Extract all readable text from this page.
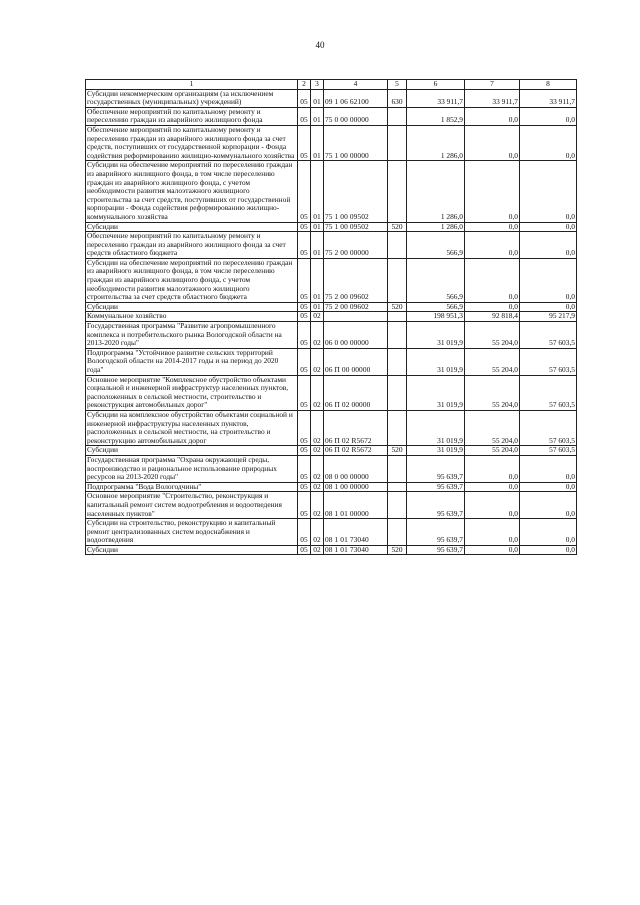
40
1	2	3	4	5	6	7	8
Субсидии некоммерческим организациям (за исключением государственных (муниципальных) учреждений)	05	01	09 1 06 62100	630	33 911,7	33 911,7	33 911,7
Обеспечение мероприятий по капитальному ремонту и переселению граждан из аварийного жилищного фонда	05	01	75 0 00 00000		1 852,9	0,0	0,0
Обеспечение мероприятий по капитальному ремонту и переселению граждан из аварийного жилищного фонда за счет средств, поступивших от государственной корпорации - Фонда содействия реформированию жилищно-коммунального хозяйства	05	01	75 1 00 00000		1 286,0	0,0	0,0
Субсидии на обеспечение мероприятий по переселению граждан из аварийного жилищного фонда, в том числе переселению граждан из аварийного жилищного фонда, с учетом необходимости развития малоэтажного жилищного строительства за счет средств, поступивших от государственной корпорации - Фонда содействия реформированию жилищно-коммунального хозяйства	05	01	75 1 00 09502		1 286,0	0,0	0,0
Субсидии	05	01	75 1 00 09502	520	1 286,0	0,0	0,0
Обеспечение мероприятий по капитальному ремонту и переселению граждан из аварийного жилищного фонда за счет средств областного бюджета	05	01	75 2 00 00000		566,9	0,0	0,0
Субсидии на обеспечение мероприятий по переселению граждан из аварийного жилищного фонда, в том числе переселению граждан из аварийного жилищного фонда, с учетом необходимости развития малоэтажного жилищного строительства за счет средств областного бюджета	05	01	75 2 00 09602		566,9	0,0	0,0
Субсидии	05	01	75 2 00 09602	520	566,9	0,0	0,0
Коммунальное хозяйство	05	02			198 951,3	92 818,4	95 217,9
Государственная программа "Развитие агропромышленного комплекса и потребительского рынка Вологодской области на 2013-2020 годы"	05	02	06 0 00 00000		31 019,9	55 204,0	57 603,5
Подпрограмма "Устойчивое развитие сельских территорий Вологодской области на 2014-2017 годы и на период до 2020 года"	05	02	06 П 00 00000		31 019,9	55 204,0	57 603,5
Основное мероприятие "Комплексное обустройство объектами социальной и инженерной инфраструктур населенных пунктов, расположенных в сельской местности, строительство и реконструкция автомобильных дорог"	05	02	06 П 02 00000		31 019,9	55 204,0	57 603,5
Субсидии на комплексное обустройство объектами социальной и инженерной инфраструктуры населенных пунктов, расположенных в сельской местности, на строительство и реконструкцию автомобильных дорог	05	02	06 П 02 R5672		31 019,9	55 204,0	57 603,5
Субсидии	05	02	06 П 02 R5672	520	31 019,9	55 204,0	57 603,5
Государственная программа "Охрана окружающей среды, воспроизводство и рациональное использование природных ресурсов на 2013-2020 годы"	05	02	08 0 00 00000		95 639,7	0,0	0,0
Подпрограмма "Вода Вологодчины"	05	02	08 1 00 00000		95 639,7	0,0	0,0
Основное мероприятие "Строительство, реконструкция и капитальный ремонт систем водоотребления и водоотведения населенных пунктов"	05	02	08 1 01 00000		95 639,7	0,0	0,0
Субсидии на строительство, реконструкцию и капитальный ремонт централизованных систем водоснабжения и водоотведения	05	02	08 1 01 73040		95 639,7	0,0	0,0
Субсидии	05	02	08 1 01 73040	520	95 639,7	0,0	0,0
